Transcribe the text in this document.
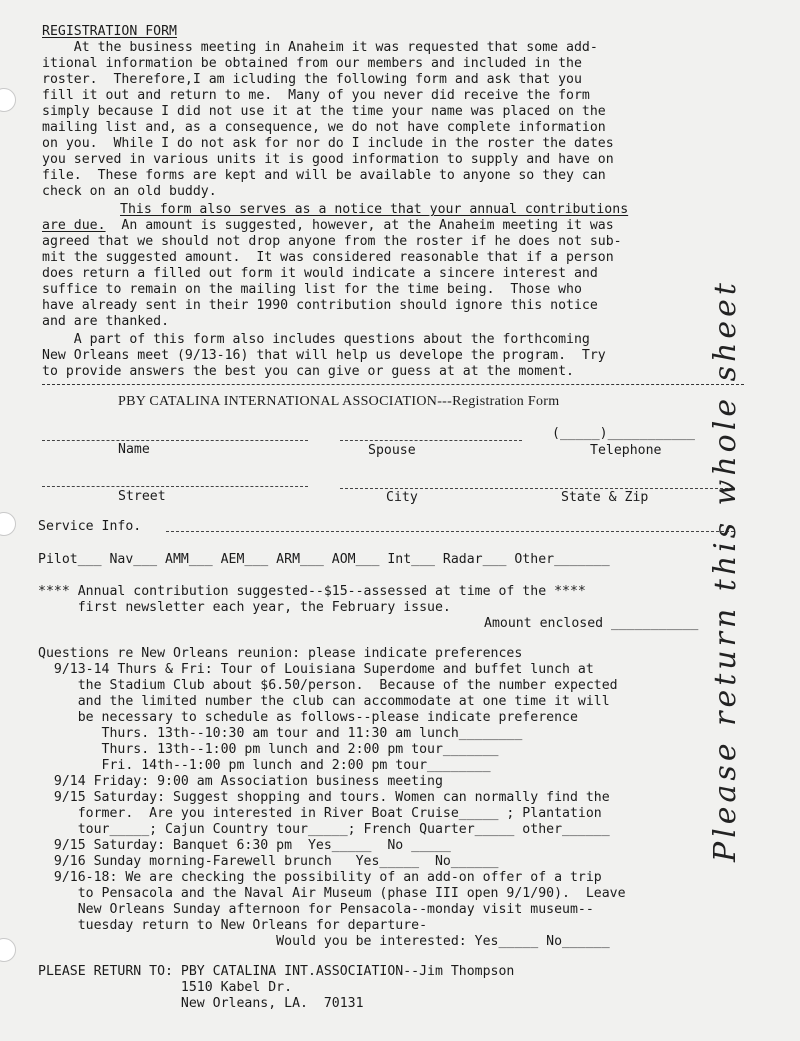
REGISTRATION FORM
At the business meeting in Anaheim it was requested that some add-
itional information be obtained from our members and included in the
roster.  Therefore,I am icluding the following form and ask that you
fill it out and return to me.  Many of you never did receive the form
simply because I did not use it at the time your name was placed on the
mailing list and, as a consequence, we do not have complete information
on you.  While I do not ask for nor do I include in the roster the dates
you served in various units it is good information to supply and have on
file.  These forms are kept and will be available to anyone so they can
check on an old buddy.
This form also serves as a notice that your annual contributions
are due.  An amount is suggested, however, at the Anaheim meeting it was
agreed that we should not drop anyone from the roster if he does not sub-
mit the suggested amount.  It was considered reasonable that if a person
does return a filled out form it would indicate a sincere interest and
suffice to remain on the mailing list for the time being.  Those who
have already sent in their 1990 contribution should ignore this notice
and are thanked.
A part of this form also includes questions about the forthcoming
New Orleans meet (9/13-16) that will help us develope the program.  Try
to provide answers the best you can give or guess at at the moment.
PBY CATALINA INTERNATIONAL ASSOCIATION---Registration Form
(_____)___________
Name	Spouse	Telephone
Street	City	State & Zip
Service Info.
Pilot___ Nav___ AMM___ AEM___ ARM___ AOM___ Int___ Radar___ Other_______
**** Annual contribution suggested--$15--assessed at time of the ****
first newsletter each year, the February issue.
Amount enclosed ___________
Questions re New Orleans reunion: please indicate preferences
9/13-14 Thurs & Fri: Tour of Louisiana Superdome and buffet lunch at
the Stadium Club about $6.50/person.  Because of the number expected
and the limited number the club can accommodate at one time it will
be necessary to schedule as follows--please indicate preference
Thurs. 13th--10:30 am tour and 11:30 am lunch________
Thurs. 13th--1:00 pm lunch and 2:00 pm tour_______
Fri. 14th--1:00 pm lunch and 2:00 pm tour________
9/14 Friday: 9:00 am Association business meeting
9/15 Saturday: Suggest shopping and tours. Women can normally find the
former.  Are you interested in River Boat Cruise_____ ; Plantation
tour_____; Cajun Country tour_____; French Quarter_____ other______
9/15 Saturday: Banquet 6:30 pm  Yes_____  No _____
9/16 Sunday morning-Farewell brunch   Yes_____  No______
9/16-18: We are checking the possibility of an add-on offer of a trip
to Pensacola and the Naval Air Museum (phase III open 9/1/90).  Leave
New Orleans Sunday afternoon for Pensacola--monday visit museum--
tuesday return to New Orleans for departure-
Would you be interested: Yes_____ No______
PLEASE RETURN TO: PBY CATALINA INT.ASSOCIATION--Jim Thompson
1510 Kabel Dr.
New Orleans, LA.  70131
Please return this whole sheet
